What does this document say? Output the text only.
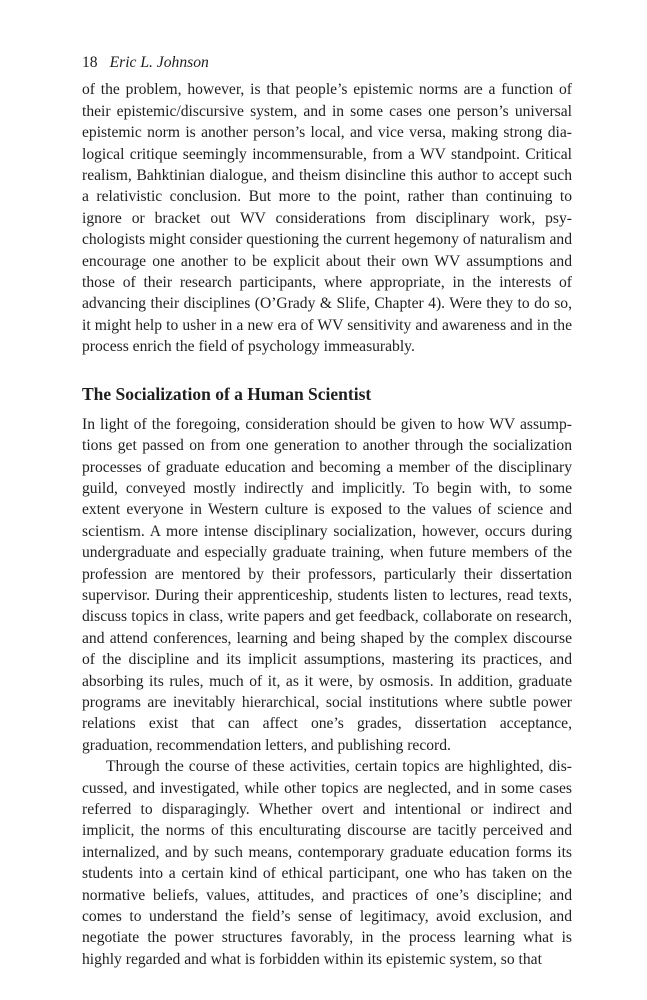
18 Eric L. Johnson

of the problem, however, is that people’s epistemic norms are a function of their epistemic/discursive system, and in some cases one person’s universal epistemic norm is another person’s local, and vice versa, making strong dialogical critique seemingly incommensurable, from a WV standpoint. Critical realism, Bahktinian dialogue, and theism disincline this author to accept such a relativistic conclusion. But more to the point, rather than continuing to ignore or bracket out WV considerations from disciplinary work, psychologists might consider questioning the current hegemony of naturalism and encourage one another to be explicit about their own WV assumptions and those of their research participants, where appropriate, in the interests of advancing their disciplines (O’Grady & Slife, Chapter 4). Were they to do so, it might help to usher in a new era of WV sensitivity and awareness and in the process enrich the field of psychology immeasurably.

The Socialization of a Human Scientist

In light of the foregoing, consideration should be given to how WV assumptions get passed on from one generation to another through the socialization processes of graduate education and becoming a member of the disciplinary guild, conveyed mostly indirectly and implicitly. To begin with, to some extent everyone in Western culture is exposed to the values of science and scientism. A more intense disciplinary socialization, however, occurs during undergraduate and especially graduate training, when future members of the profession are mentored by their professors, particularly their dissertation supervisor. During their apprenticeship, students listen to lectures, read texts, discuss topics in class, write papers and get feedback, collaborate on research, and attend conferences, learning and being shaped by the complex discourse of the discipline and its implicit assumptions, mastering its practices, and absorbing its rules, much of it, as it were, by osmosis. In addition, graduate programs are inevitably hierarchical, social institutions where subtle power relations exist that can affect one’s grades, dissertation acceptance, graduation, recommendation letters, and publishing record.

Through the course of these activities, certain topics are highlighted, discussed, and investigated, while other topics are neglected, and in some cases referred to disparagingly. Whether overt and intentional or indirect and implicit, the norms of this enculturating discourse are tacitly perceived and internalized, and by such means, contemporary graduate education forms its students into a certain kind of ethical participant, one who has taken on the normative beliefs, values, attitudes, and practices of one’s discipline; and comes to understand the field’s sense of legitimacy, avoid exclusion, and negotiate the power structures favorably, in the process learning what is highly regarded and what is forbidden within its epistemic system, so that
